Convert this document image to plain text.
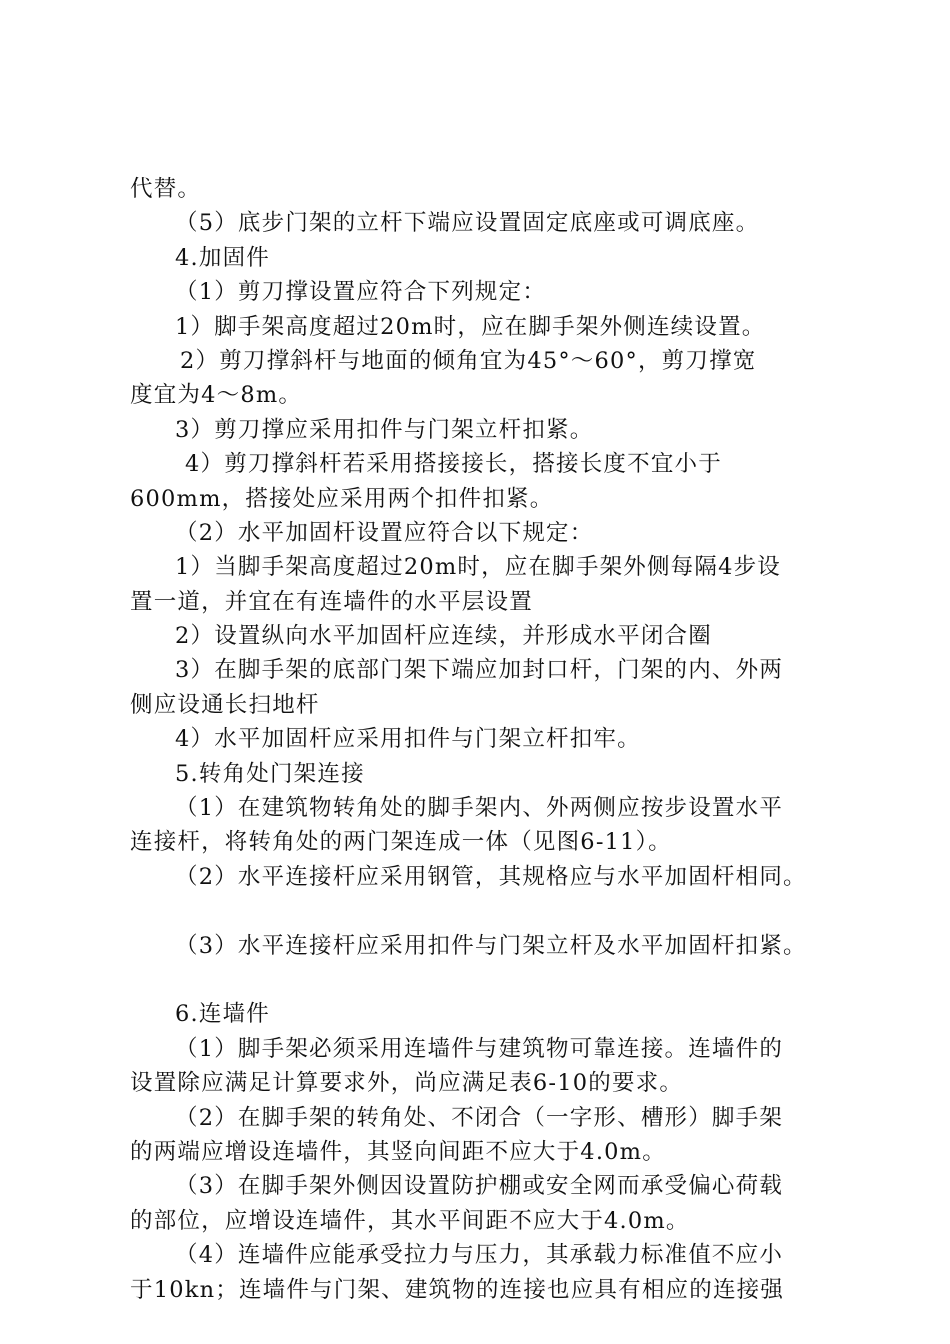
代替。
（5）底步门架的立杆下端应设置固定底座或可调底座。
4.加固件
（1）剪刀撑设置应符合下列规定：
1）脚手架高度超过20m时，应在脚手架外侧连续设置。
2）剪刀撑斜杆与地面的倾角宜为45°～60°，剪刀撑宽
度宜为4～8m。
3）剪刀撑应采用扣件与门架立杆扣紧。
4）剪刀撑斜杆若采用搭接接长，搭接长度不宜小于
600mm，搭接处应采用两个扣件扣紧。
（2）水平加固杆设置应符合以下规定：
1）当脚手架高度超过20m时，应在脚手架外侧每隔4步设
置一道，并宜在有连墙件的水平层设置
2）设置纵向水平加固杆应连续，并形成水平闭合圈
3）在脚手架的底部门架下端应加封口杆，门架的内、外两
侧应设通长扫地杆
4）水平加固杆应采用扣件与门架立杆扣牢。
5.转角处门架连接
（1）在建筑物转角处的脚手架内、外两侧应按步设置水平
连接杆，将转角处的两门架连成一体（见图6-11）。
（2）水平连接杆应采用钢管，其规格应与水平加固杆相同。
（3）水平连接杆应采用扣件与门架立杆及水平加固杆扣紧。
6.连墙件
（1）脚手架必须采用连墙件与建筑物可靠连接。连墙件的
设置除应满足计算要求外，尚应满足表6-10的要求。
（2）在脚手架的转角处、不闭合（一字形、槽形）脚手架
的两端应增设连墙件，其竖向间距不应大于4.0m。
（3）在脚手架外侧因设置防护棚或安全网而承受偏心荷载
的部位，应增设连墙件，其水平间距不应大于4.0m。
（4）连墙件应能承受拉力与压力，其承载力标准值不应小
于10kn；连墙件与门架、建筑物的连接也应具有相应的连接强
